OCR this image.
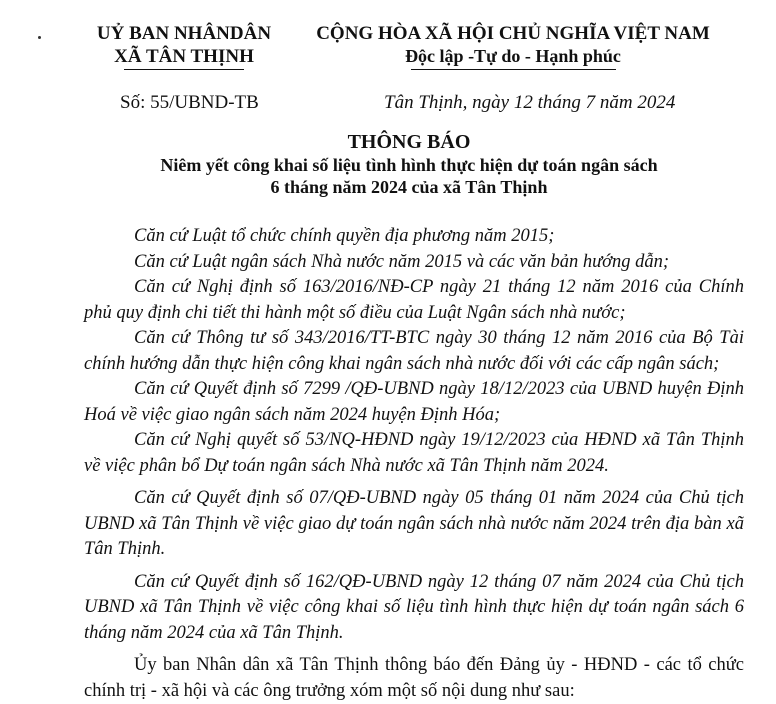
UỶ BAN NHÂNDÂN
XÃ TÂN THỊNH
CỘNG HÒA XÃ HỘI CHỦ NGHĨA VIỆT NAM
Độc lập -Tự do - Hạnh phúc
Số: 55/UBND-TB	Tân Thịnh, ngày 12 tháng 7 năm 2024
THÔNG BÁO
Niêm yết công khai số liệu tình hình thực hiện dự toán ngân sách
6 tháng năm 2024 của xã Tân Thịnh

Căn cứ Luật tổ chức chính quyền địa phương năm 2015;

Căn cứ Luật ngân sách Nhà nước năm 2015 và các văn bản hướng dẫn;

Căn cứ Nghị định số 163/2016/NĐ-CP ngày 21 tháng 12 năm 2016 của Chính phủ quy định chi tiết thi hành một số điều của Luật Ngân sách nhà nước;

Căn cứ Thông tư số 343/2016/TT-BTC ngày 30 tháng 12 năm 2016 của Bộ Tài chính hướng dẫn thực hiện công khai ngân sách nhà nước đối với các cấp ngân sách;

Căn cứ Quyết định số 7299 /QĐ-UBND ngày 18/12/2023 của UBND huyện Định Hoá về việc giao ngân sách năm 2024 huyện Định Hóa;

Căn cứ Nghị quyết số 53/NQ-HĐND ngày 19/12/2023 của HĐND xã Tân Thịnh về việc phân bổ Dự toán ngân sách Nhà nước xã Tân Thịnh năm 2024.

Căn cứ Quyết định số 07/QĐ-UBND ngày 05 tháng 01 năm 2024 của Chủ tịch UBND xã Tân Thịnh về việc giao dự toán ngân sách nhà nước năm 2024 trên địa bàn xã Tân Thịnh.

Căn cứ Quyết định số 162/QĐ-UBND ngày 12 tháng 07 năm 2024 của Chủ tịch UBND xã Tân Thịnh về việc công khai số liệu tình hình thực hiện dự toán ngân sách 6 tháng năm 2024 của xã Tân Thịnh.

Ủy ban Nhân dân xã Tân Thịnh thông báo đến Đảng ủy - HĐND - các tổ chức chính trị - xã hội và các ông trưởng xóm một số nội dung như sau:
